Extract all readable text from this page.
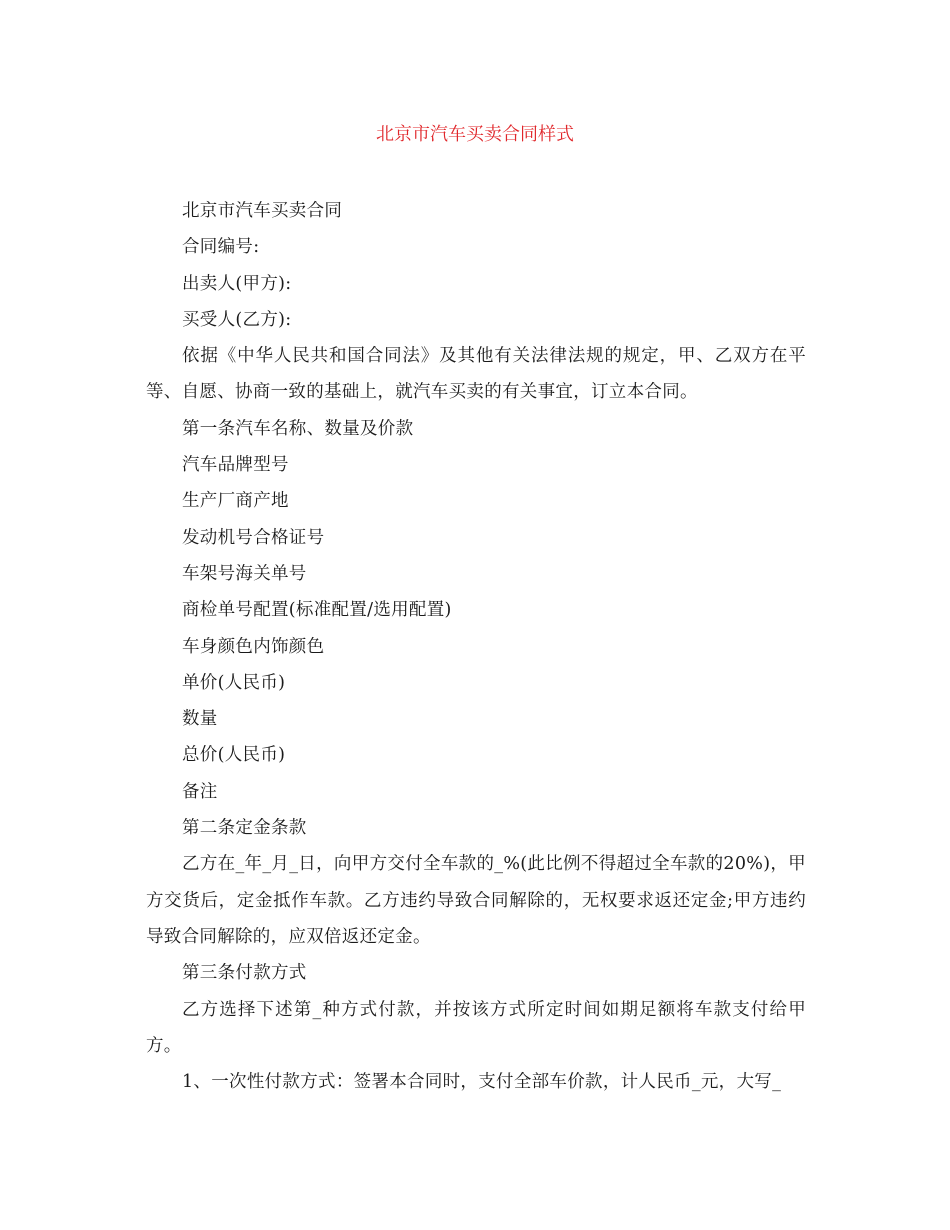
北京市汽车买卖合同样式

北京市汽车买卖合同

合同编号:

出卖人(甲方):

买受人(乙方):

依据《中华人民共和国合同法》及其他有关法律法规的规定，甲、乙双方在平等、自愿、协商一致的基础上，就汽车买卖的有关事宜，订立本合同。

第一条汽车名称、数量及价款

汽车品牌型号

生产厂商产地

发动机号合格证号

车架号海关单号

商检单号配置(标准配置/选用配置)

车身颜色内饰颜色

单价(人民币)

数量

总价(人民币)

备注

第二条定金条款

乙方在_年_月_日，向甲方交付全车款的_%(此比例不得超过全车款的20%)，甲方交货后，定金抵作车款。乙方违约导致合同解除的，无权要求返还定金;甲方违约导致合同解除的，应双倍返还定金。

第三条付款方式

乙方选择下述第_种方式付款，并按该方式所定时间如期足额将车款支付给甲方。

1、一次性付款方式：签署本合同时，支付全部车价款，计人民币_元，大写_
